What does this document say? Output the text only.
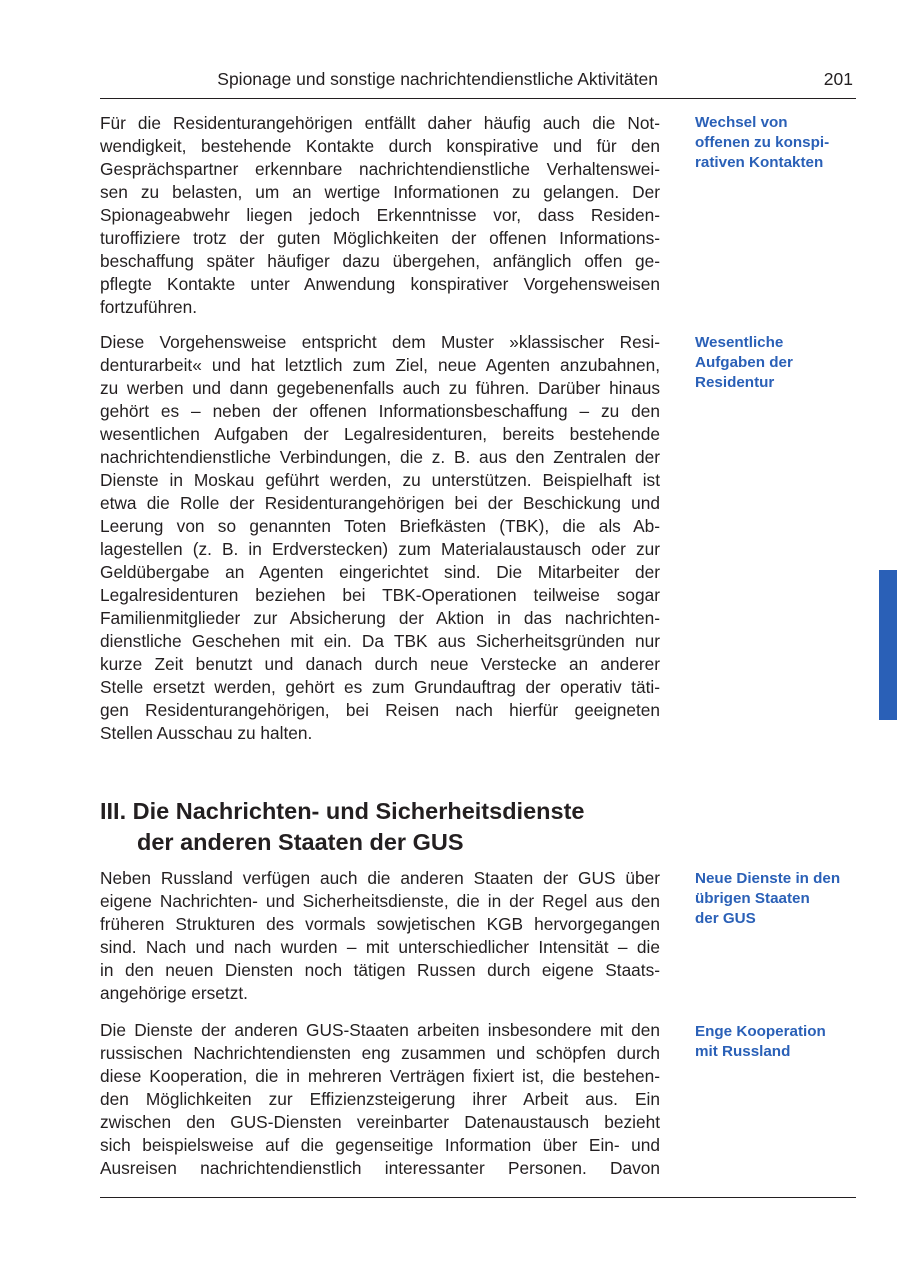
Spionage und sonstige nachrichtendienstliche Aktivitäten	201
Für die Residenturangehörigen entfällt daher häufig auch die Not-
wendigkeit, bestehende Kontakte durch konspirative und für den
Gesprächspartner erkennbare nachrichtendienstliche Verhaltenswei-
sen zu belasten, um an wertige Informationen zu gelangen. Der
Spionageabwehr liegen jedoch Erkenntnisse vor, dass Residen-
turoffiziere trotz der guten Möglichkeiten der offenen Informations-
beschaffung später häufiger dazu übergehen, anfänglich offen ge-
pflegte Kontakte unter Anwendung konspirativer Vorgehensweisen
fortzuführen.
Diese Vorgehensweise entspricht dem Muster »klassischer Resi-
denturarbeit« und hat letztlich zum Ziel, neue Agenten anzubahnen,
zu werben und dann gegebenenfalls auch zu führen. Darüber hinaus
gehört es – neben der offenen Informationsbeschaffung – zu den
wesentlichen Aufgaben der Legalresidenturen, bereits bestehende
nachrichtendienstliche Verbindungen, die z. B. aus den Zentralen der
Dienste in Moskau geführt werden, zu unterstützen. Beispielhaft ist
etwa die Rolle der Residenturangehörigen bei der Beschickung und
Leerung von so genannten Toten Briefkästen (TBK), die als Ab-
lagestellen (z. B. in Erdverstecken) zum Materialaustausch oder zur
Geldübergabe an Agenten eingerichtet sind. Die Mitarbeiter der
Legalresidenturen beziehen bei TBK-Operationen teilweise sogar
Familienmitglieder zur Absicherung der Aktion in das nachrichten-
dienstliche Geschehen mit ein. Da TBK aus Sicherheitsgründen nur
kurze Zeit benutzt und danach durch neue Verstecke an anderer
Stelle ersetzt werden, gehört es zum Grundauftrag der operativ täti-
gen Residenturangehörigen, bei Reisen nach hierfür geeigneten
Stellen Ausschau zu halten.
III. Die Nachrichten- und Sicherheitsdienste
der anderen Staaten der GUS
Neben Russland verfügen auch die anderen Staaten der GUS über
eigene Nachrichten- und Sicherheitsdienste, die in der Regel aus den
früheren Strukturen des vormals sowjetischen KGB hervorgegangen
sind. Nach und nach wurden – mit unterschiedlicher Intensität – die
in den neuen Diensten noch tätigen Russen durch eigene Staats-
angehörige ersetzt.
Die Dienste der anderen GUS-Staaten arbeiten insbesondere mit den
russischen Nachrichtendiensten eng zusammen und schöpfen durch
diese Kooperation, die in mehreren Verträgen fixiert ist, die bestehen-
den Möglichkeiten zur Effizienzsteigerung ihrer Arbeit aus. Ein
zwischen den GUS-Diensten vereinbarter Datenaustausch bezieht
sich beispielsweise auf die gegenseitige Information über Ein- und
Ausreisen nachrichtendienstlich interessanter Personen. Davon
Wechsel von
offenen zu konspi-
rativen Kontakten
Wesentliche
Aufgaben der
Residentur
Neue Dienste in den
übrigen Staaten
der GUS
Enge Kooperation
mit Russland
